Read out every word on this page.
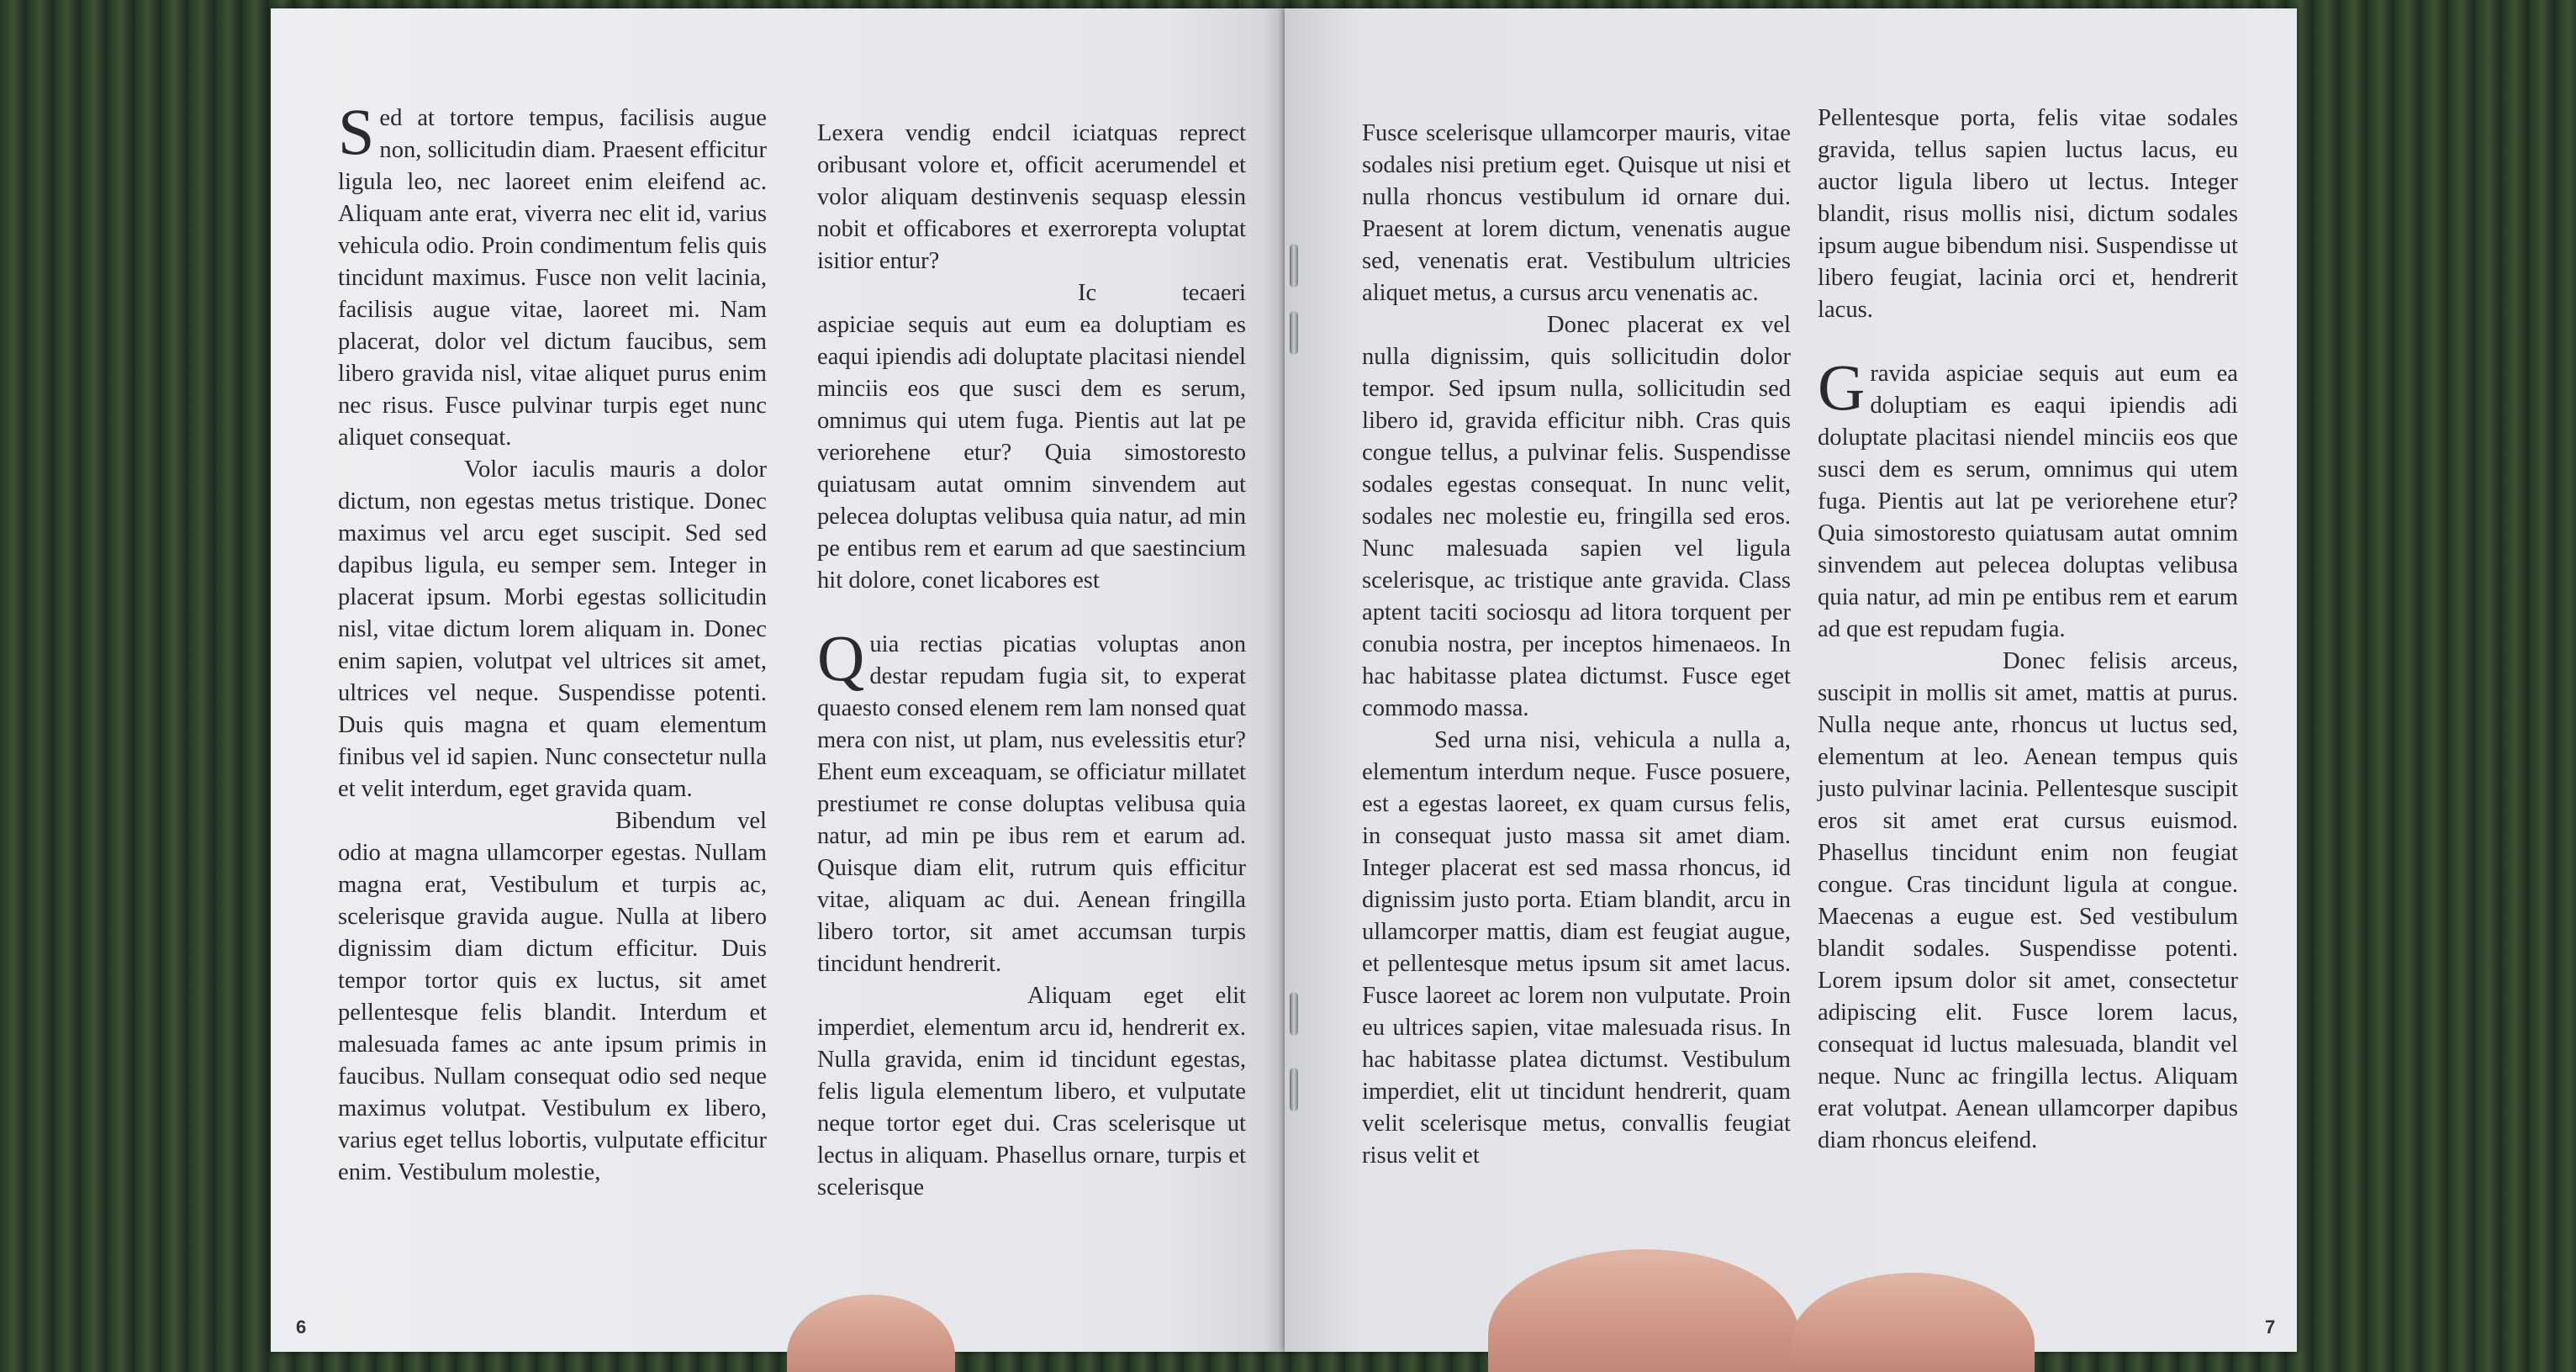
Sed at tortore tempus, facilisis augue non, sollicitudin diam. Praesent efficitur ligula leo, nec laoreet enim eleifend ac. Aliquam ante erat, viverra nec elit id, varius vehicula odio. Proin condimentum felis quis tincidunt maximus. Fusce non velit lacinia, facilisis augue vitae, laoreet mi. Nam placerat, dolor vel dictum faucibus, sem libero gravida nisl, vitae aliquet purus enim nec risus. Fusce pulvinar turpis eget nunc aliquet consequat.

Volor iaculis mauris a dolor dictum, non egestas metus tristique. Donec maximus vel arcu eget suscipit. Sed sed dapibus ligula, eu semper sem. Integer in placerat ipsum. Morbi egestas sollicitudin nisl, vitae dictum lorem aliquam in. Donec enim sapien, volutpat vel ultrices sit amet, ultrices vel neque. Suspendisse potenti. Duis quis magna et quam elementum finibus vel id sapien. Nunc consectetur nulla et velit interdum, eget gravida quam.

Bibendum vel odio at magna ullamcorper egestas. Nullam magna erat, Vestibulum et turpis ac, scelerisque gravida augue. Nulla at libero dignissim diam dictum efficitur. Duis tempor tortor quis ex luctus, sit amet pellentesque felis blandit. Interdum et malesuada fames ac ante ipsum primis in faucibus. Nullam consequat odio sed neque maximus volutpat. Vestibulum ex libero, varius eget tellus lobortis, vulputate efficitur enim. Vestibulum molestie,

Lexera vendig endcil iciatquas reprect oribusant volore et, officit acerumendel et volor aliquam destinvenis sequasp elessin nobit et officabores et exerrorepta voluptat isitior entur?

Ic tecaeri aspiciae sequis aut eum ea doluptiam es eaqui ipiendis adi doluptate placitasi niendel minciis eos que susci dem es serum, omnimus qui utem fuga. Pientis aut lat pe veriorehene etur? Quia simostoresto quiatusam autat omnim sinvendem aut pelecea doluptas velibusa quia natur, ad min pe entibus rem et earum ad que saestincium hit dolore, conet licabores est

Quia rectias picatias voluptas anon destar repudam fugia sit, to experat quaesto consed elenem rem lam nonsed quat mera con nist, ut plam, nus evelessitis etur? Ehent eum exceaquam, se officiatur millatet prestiumet re conse doluptas velibusa quia natur, ad min pe ibus rem et earum ad. Quisque diam elit, rutrum quis efficitur vitae, aliquam ac dui. Aenean fringilla libero tortor, sit amet accumsan turpis tincidunt hendrerit.

Aliquam eget elit imperdiet, elementum arcu id, hendrerit ex. Nulla gravida, enim id tincidunt egestas, felis ligula elementum libero, et vulputate neque tortor eget dui. Cras scelerisque ut lectus in aliquam. Phasellus ornare, turpis et scelerisque

6

Fusce scelerisque ullamcorper mauris, vitae sodales nisi pretium eget. Quisque ut nisi et nulla rhoncus vestibulum id ornare dui. Praesent at lorem dictum, venenatis augue sed, venenatis erat. Vestibulum ultricies aliquet metus, a cursus arcu venenatis ac.

Donec placerat ex vel nulla dignissim, quis sollicitudin dolor tempor. Sed ipsum nulla, sollicitudin sed libero id, gravida efficitur nibh. Cras quis congue tellus, a pulvinar felis. Suspendisse sodales egestas consequat. In nunc velit, sodales nec molestie eu, fringilla sed eros. Nunc malesuada sapien vel ligula scelerisque, ac tristique ante gravida. Class aptent taciti sociosqu ad litora torquent per conubia nostra, per inceptos himenaeos. In hac habitasse platea dictumst. Fusce eget commodo massa.

Sed urna nisi, vehicula a nulla a, elementum interdum neque. Fusce posuere, est a egestas laoreet, ex quam cursus felis, in consequat justo massa sit amet diam. Integer placerat est sed massa rhoncus, id dignissim justo porta. Etiam blandit, arcu in ullamcorper mattis, diam est feugiat augue, et pellentesque metus ipsum sit amet lacus. Fusce laoreet ac lorem non vulputate. Proin eu ultrices sapien, vitae malesuada risus. In hac habitasse platea dictumst. Vestibulum imperdiet, elit ut tincidunt hendrerit, quam velit scelerisque metus, convallis feugiat risus velit et

Pellentesque porta, felis vitae sodales gravida, tellus sapien luctus lacus, eu auctor ligula libero ut lectus. Integer blandit, risus mollis nisi, dictum sodales ipsum augue bibendum nisi. Suspendisse ut libero feugiat, lacinia orci et, hendrerit lacus.

Gravida aspiciae sequis aut eum ea doluptiam es eaqui ipiendis adi doluptate placitasi niendel minciis eos que susci dem es serum, omnimus qui utem fuga. Pientis aut lat pe veriorehene etur? Quia simostoresto quiatusam autat omnim sinvendem aut pelecea doluptas velibusa quia natur, ad min pe entibus rem et earum ad que est repudam fugia.

Donec felisis arceus, suscipit in mollis sit amet, mattis at purus. Nulla neque ante, rhoncus ut luctus sed, elementum at leo. Aenean tempus quis justo pulvinar lacinia. Pellentesque suscipit eros sit amet erat cursus euismod. Phasellus tincidunt enim non feugiat congue. Cras tincidunt ligula at congue. Maecenas a eugue est. Sed vestibulum blandit sodales. Suspendisse potenti. Lorem ipsum dolor sit amet, consectetur adipiscing elit. Fusce lorem lacus, consequat id luctus malesuada, blandit vel neque. Nunc ac fringilla lectus. Aliquam erat volutpat. Aenean ullamcorper dapibus diam rhoncus eleifend.

7
